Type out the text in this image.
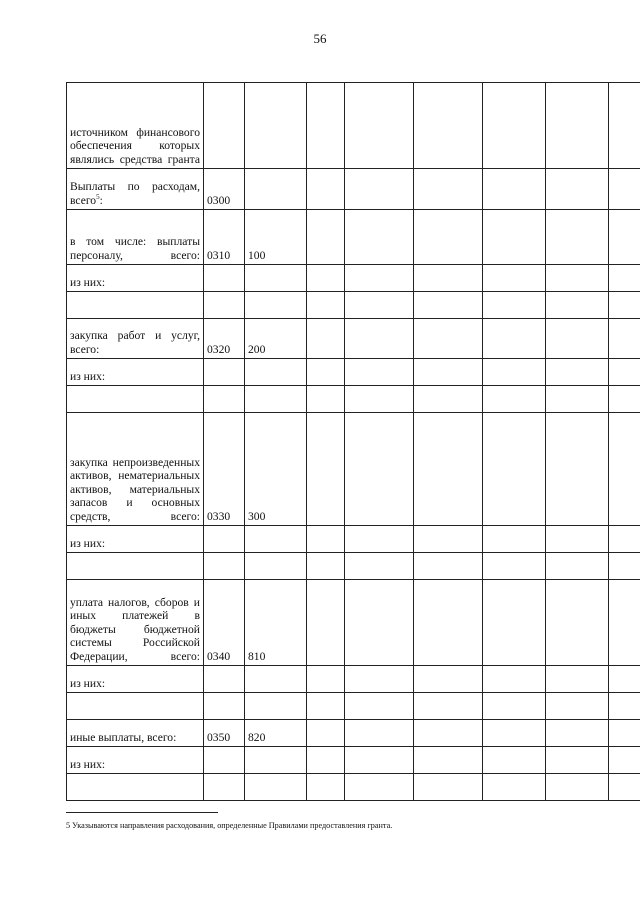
56
источником финансового обеспечения которых являлись средства гранта								
Выплаты по расходам, всего$^5$:	0300							
в том числе: выплаты персоналу, всего:	0310	100						
из них:								

закупка работ и услуг, всего:	0320	200						
из них:								

закупка непроизведенных активов, нематериальных активов, материальных запасов и основных средств, всего:	0330	300						
из них:								

уплата налогов, сборов и иных платежей в бюджеты бюджетной системы Российской Федерации, всего:	0340	810						
из них:								

иные выплаты, всего:	0350	820						
из них:								

5 Указываются направления расходования, определенные Правилами предоставления гранта.
